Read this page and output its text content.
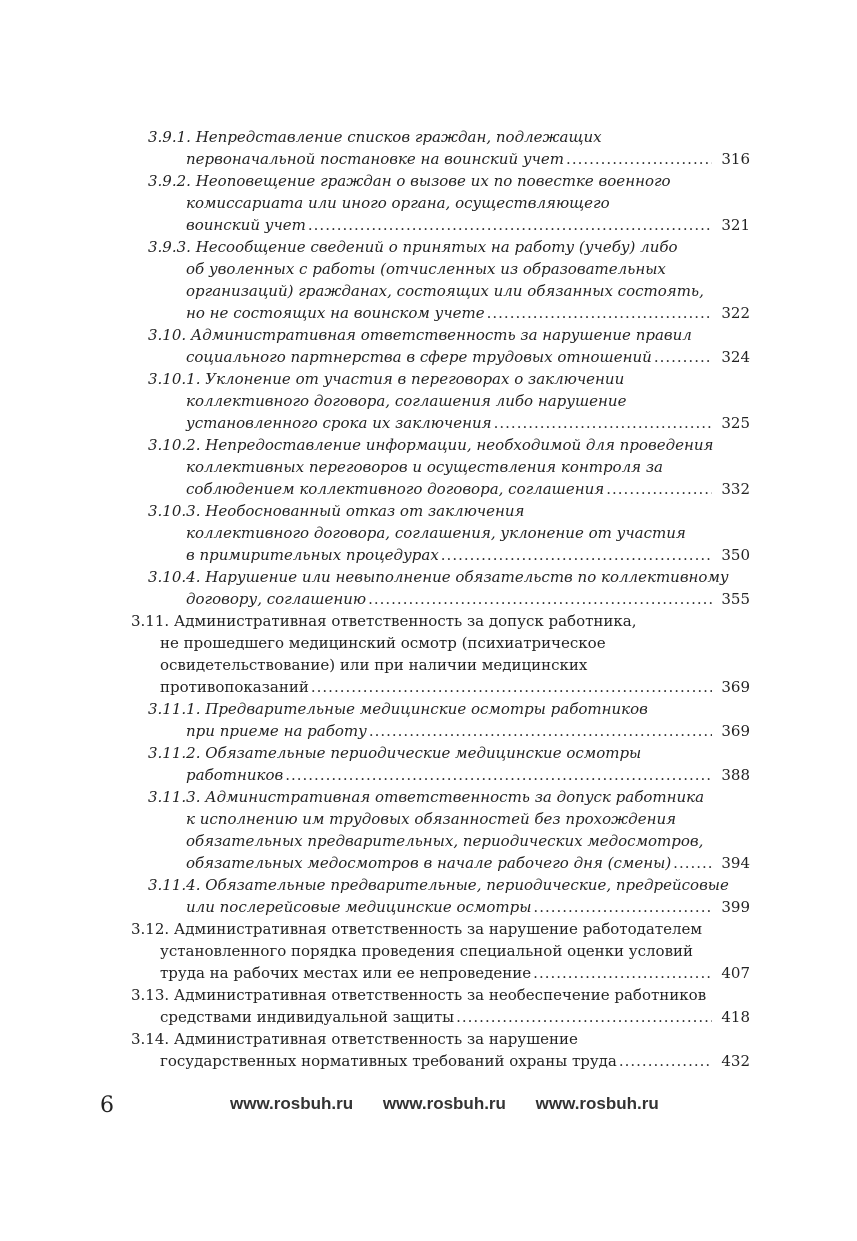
3.9.1. Непредставление списков граждан, подлежащих
первоначальной постановке на воинский учет .....	316
3.9.2. Неоповещение граждан о вызове их по повестке военного
комиссариата или иного органа, осуществляющего
воинский учет .....	321
3.9.3. Несообщение сведений о принятых на работу (учебу) либо
об уволенных с работы (отчисленных из образовательных
организаций) гражданах, состоящих или обязанных состоять,
но не состоящих на воинском учете .....	322
3.10. Административная ответственность за нарушение правил
социального партнерства в сфере трудовых отношений .....	324
3.10.1. Уклонение от участия в переговорах о заключении
коллективного договора, соглашения либо нарушение
установленного срока их заключения .....	325
3.10.2. Непредоставление информации, необходимой для проведения
коллективных переговоров и осуществления контроля за
соблюдением коллективного договора, соглашения .....	332
3.10.3. Необоснованный отказ от заключения
коллективного договора, соглашения, уклонение от участия
в примирительных процедурах .....	350
3.10.4. Нарушение или невыполнение обязательств по коллективному
договору, соглашению .....	355
3.11. Административная ответственность за допуск работника,
не прошедшего медицинский осмотр (психиатрическое
освидетельствование) или при наличии медицинских
противопоказаний .....	369
3.11.1. Предварительные медицинские осмотры работников
при приеме на работу .....	369
3.11.2. Обязательные периодические медицинские осмотры
работников .....	388
3.11.3. Административная ответственность за допуск работника
к исполнению им трудовых обязанностей без прохождения
обязательных предварительных, периодических медосмотров,
обязательных медосмотров в начале рабочего дня (смены) .....	394
3.11.4. Обязательные предварительные, периодические, предрейсовые
или послерейсовые медицинские осмотры .....	399
3.12. Административная ответственность за нарушение работодателем
установленного порядка проведения специальной оценки условий
труда на рабочих местах или ее непроведение .....	407
3.13. Административная ответственность за необеспечение работников
средствами индивидуальной защиты .....	418
3.14. Административная ответственность за нарушение
государственных нормативных требований охраны труда .....	432
6	www.rosbuh.ru www.rosbuh.ru www.rosbuh.ru
